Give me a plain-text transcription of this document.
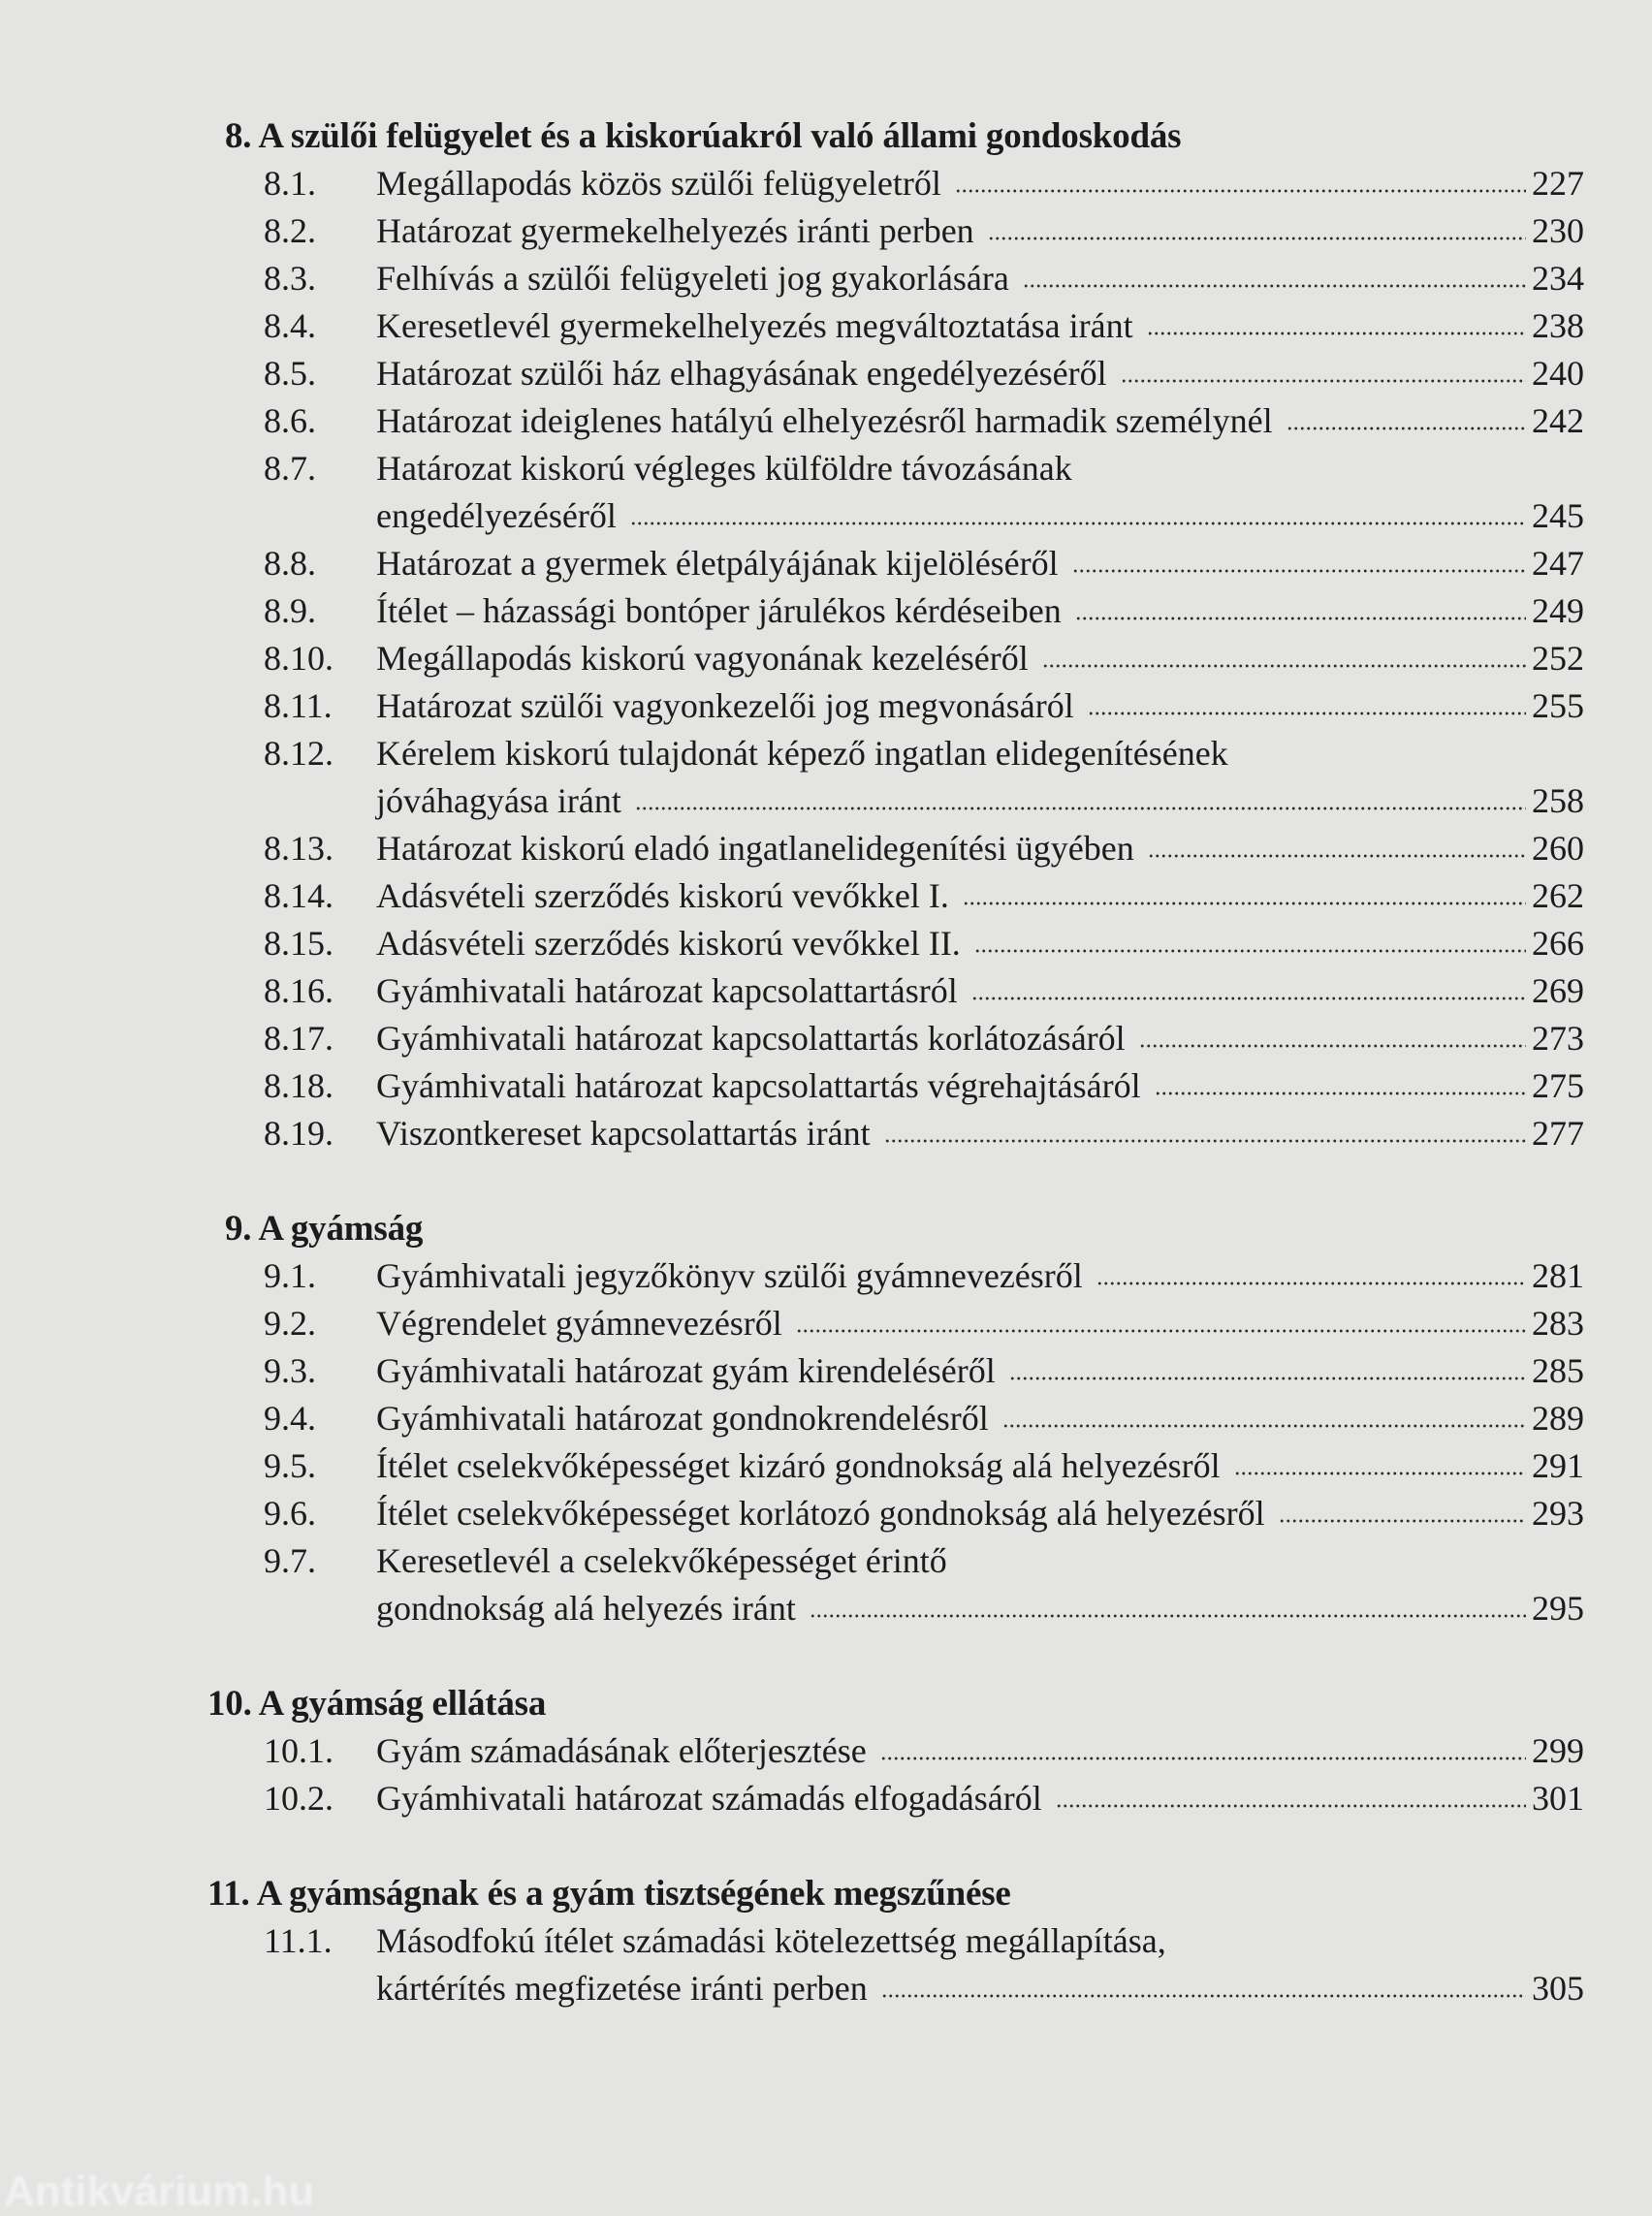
8. A szülői felügyelet és a kiskorúakról való állami gondoskodás
8.1. Megállapodás közös szülői felügyeletről	227
8.2. Határozat gyermekelhelyezés iránti perben	230
8.3. Felhívás a szülői felügyeleti jog gyakorlására	234
8.4. Keresetlevél gyermekelhelyezés megváltoztatása iránt	238
8.5. Határozat szülői ház elhagyásának engedélyezéséről	240
8.6. Határozat ideiglenes hatályú elhelyezésről harmadik személynél	242
8.7. Határozat kiskorú végleges külföldre távozásának
engedélyezéséről	245
8.8. Határozat a gyermek életpályájának kijelöléséről	247
8.9. Ítélet – házassági bontóper járulékos kérdéseiben	249
8.10. Megállapodás kiskorú vagyonának kezeléséről	252
8.11. Határozat szülői vagyonkezelői jog megvonásáról	255
8.12. Kérelem kiskorú tulajdonát képező ingatlan elidegenítésének
jóváhagyása iránt	258
8.13. Határozat kiskorú eladó ingatlanelidegenítési ügyében	260
8.14. Adásvételi szerződés kiskorú vevőkkel I.	262
8.15. Adásvételi szerződés kiskorú vevőkkel II.	266
8.16. Gyámhivatali határozat kapcsolattartásról	269
8.17. Gyámhivatali határozat kapcsolattartás korlátozásáról	273
8.18. Gyámhivatali határozat kapcsolattartás végrehajtásáról	275
8.19. Viszontkereset kapcsolattartás iránt	277
9. A gyámság
9.1. Gyámhivatali jegyzőkönyv szülői gyámnevezésről	281
9.2. Végrendelet gyámnevezésről	283
9.3. Gyámhivatali határozat gyám kirendeléséről	285
9.4. Gyámhivatali határozat gondnokrendelésről	289
9.5. Ítélet cselekvőképességet kizáró gondnokság alá helyezésről	291
9.6. Ítélet cselekvőképességet korlátozó gondnokság alá helyezésről	293
9.7. Keresetlevél a cselekvőképességet érintő
gondnokság alá helyezés iránt	295
10. A gyámság ellátása
10.1. Gyám számadásának előterjesztése	299
10.2. Gyámhivatali határozat számadás elfogadásáról	301
11. A gyámságnak és a gyám tisztségének megszűnése
11.1. Másodfokú ítélet számadási kötelezettség megállapítása,
kártérítés megfizetése iránti perben	305
Antikvárium.hu
